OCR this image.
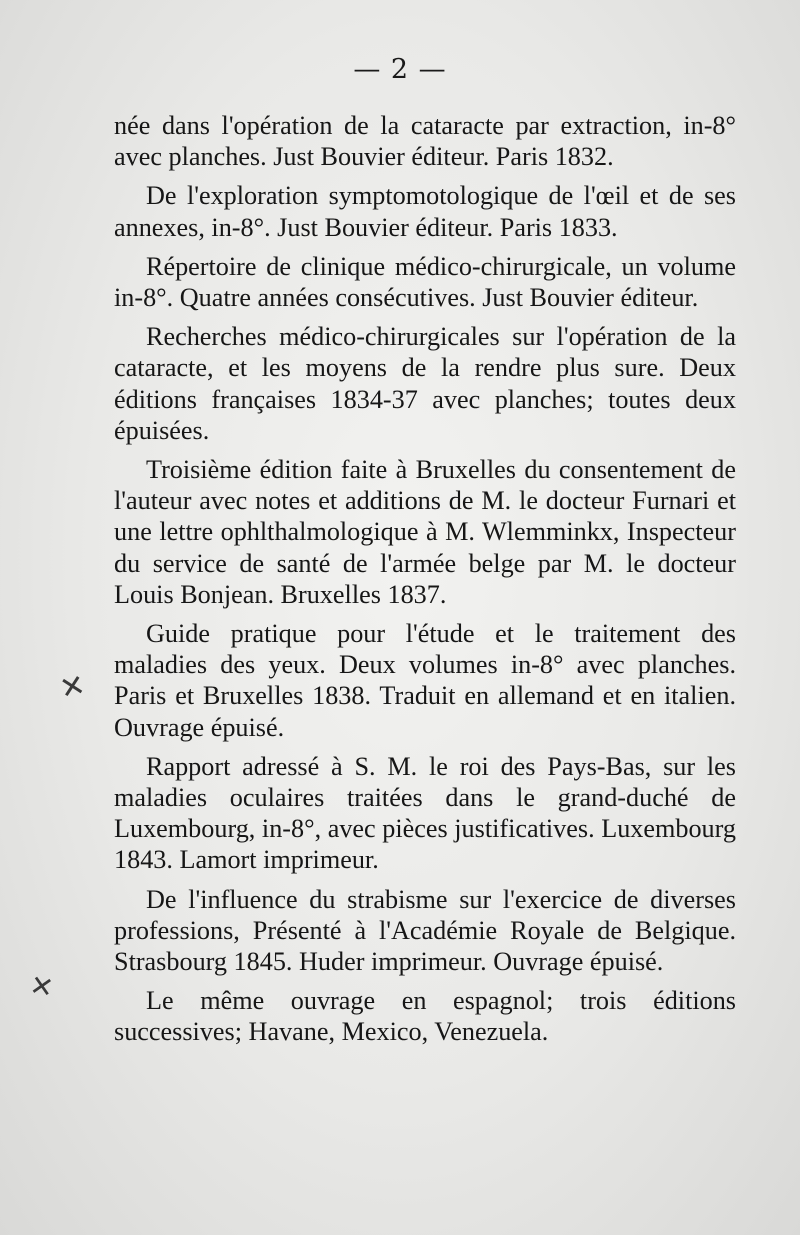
— 2 —

née dans l'opération de la cataracte par extraction, in-8° avec planches. Just Bouvier éditeur. Paris 1832.

De l'exploration symptomotologique de l'œil et de ses annexes, in-8°. Just Bouvier éditeur. Paris 1833.

Répertoire de clinique médico-chirurgicale, un volume in-8°. Quatre années consécutives. Just Bouvier éditeur.

Recherches médico-chirurgicales sur l'opération de la cataracte, et les moyens de la rendre plus sure. Deux éditions françaises 1834-37 avec planches; toutes deux épuisées.

Troisième édition faite à Bruxelles du consentement de l'auteur avec notes et additions de M. le docteur Furnari et une lettre ophlthalmologique à M. Wlemminkx, Inspecteur du service de santé de l'armée belge par M. le docteur Louis Bonjean. Bruxelles 1837.

Guide pratique pour l'étude et le traitement des maladies des yeux. Deux volumes in-8° avec planches. Paris et Bruxelles 1838. Traduit en allemand et en italien. Ouvrage épuisé.

Rapport adressé à S. M. le roi des Pays-Bas, sur les maladies oculaires traitées dans le grand-duché de Luxembourg, in-8°, avec pièces justificatives. Luxembourg 1843. Lamort imprimeur.

De l'influence du strabisme sur l'exercice de diverses professions, Présenté à l'Académie Royale de Belgique. Strasbourg 1845. Huder imprimeur. Ouvrage épuisé.

Le même ouvrage en espagnol; trois éditions successives; Havane, Mexico, Venezuela.

✕
✕
